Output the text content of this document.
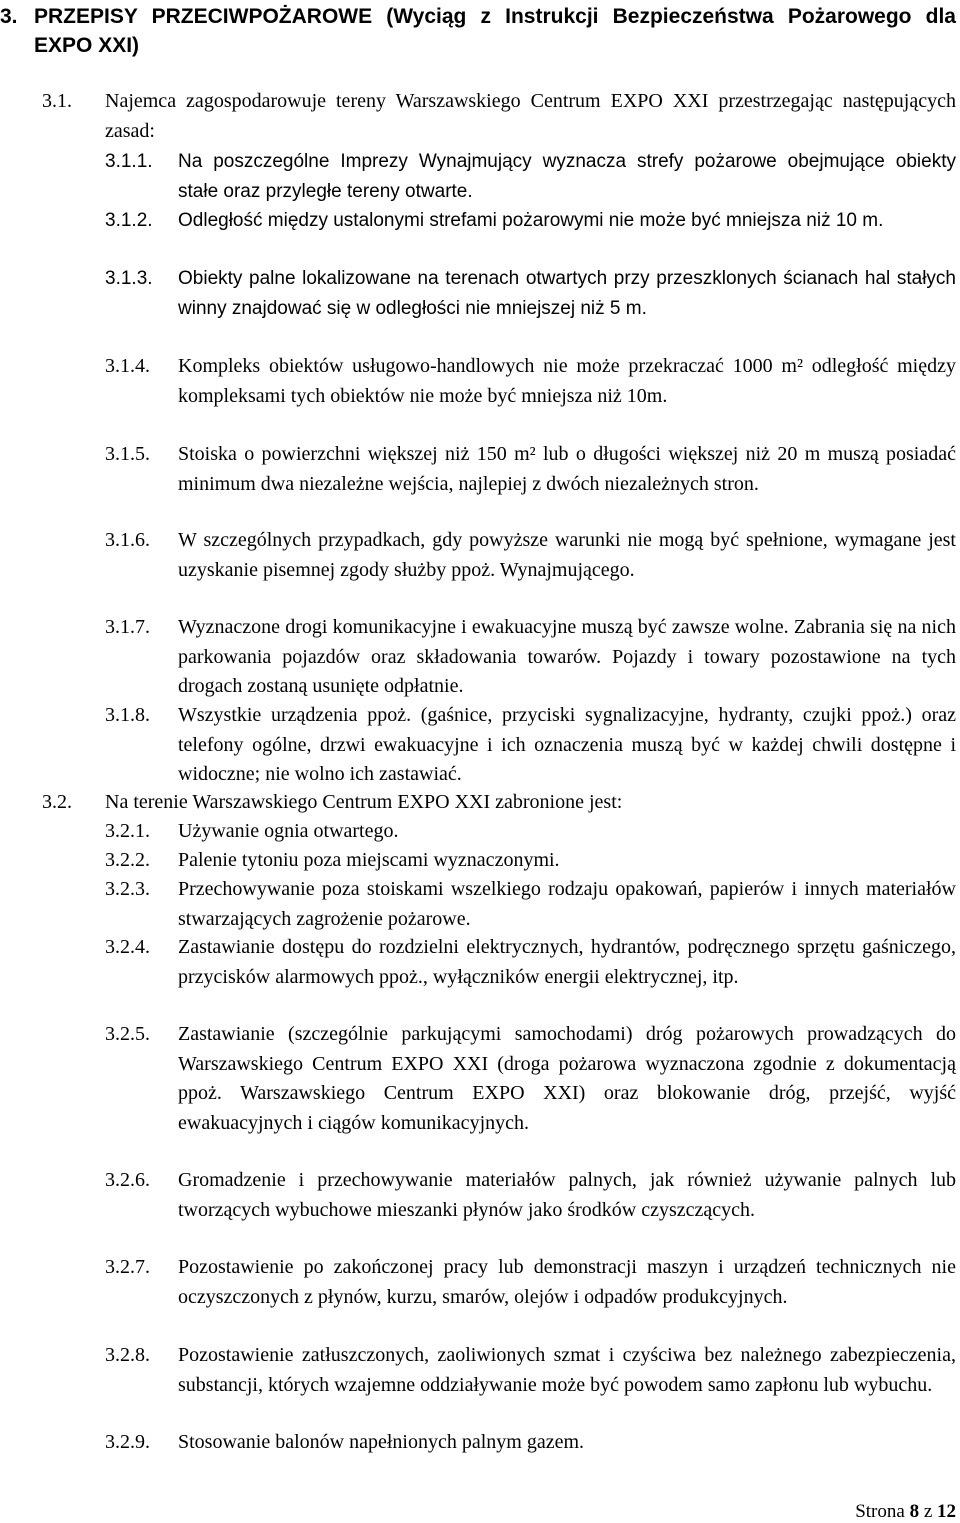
3. PRZEPISY PRZECIWPOŻAROWE (Wyciąg z Instrukcji Bezpieczeństwa Pożarowego dla EXPO XXI)
3.1. Najemca zagospodarowuje tereny Warszawskiego Centrum EXPO XXI przestrzegając następujących zasad:
3.1.1. Na poszczególne Imprezy Wynajmujący wyznacza strefy pożarowe obejmujące obiekty stałe oraz przyległe tereny otwarte.
3.1.2. Odległość między ustalonymi strefami pożarowymi nie może być mniejsza niż 10 m.
3.1.3. Obiekty palne lokalizowane na terenach otwartych przy przeszklonych ścianach hal stałych winny znajdować się w odległości nie mniejszej niż 5 m.
3.1.4. Kompleks obiektów usługowo-handlowych nie może przekraczać 1000 m² odległość między kompleksami tych obiektów nie może być mniejsza niż 10m.
3.1.5. Stoiska o powierzchni większej niż 150 m² lub o długości większej niż 20 m muszą posiadać minimum dwa niezależne wejścia, najlepiej z dwóch niezależnych stron.
3.1.6. W szczególnych przypadkach, gdy powyższe warunki nie mogą być spełnione, wymagane jest uzyskanie pisemnej zgody służby ppoż. Wynajmującego.
3.1.7. Wyznaczone drogi komunikacyjne i ewakuacyjne muszą być zawsze wolne. Zabrania się na nich parkowania pojazdów oraz składowania towarów. Pojazdy i towary pozostawione na tych drogach zostaną usunięte odpłatnie.
3.1.8. Wszystkie urządzenia ppoż. (gaśnice, przyciski sygnalizacyjne, hydranty, czujki ppoż.) oraz telefony ogólne, drzwi ewakuacyjne i ich oznaczenia muszą być w każdej chwili dostępne i widoczne; nie wolno ich zastawiać.
3.2. Na terenie Warszawskiego Centrum EXPO XXI zabronione jest:
3.2.1. Używanie ognia otwartego.
3.2.2. Palenie tytoniu poza miejscami wyznaczonymi.
3.2.3. Przechowywanie poza stoiskami wszelkiego rodzaju opakowań, papierów i innych materiałów stwarzających zagrożenie pożarowe.
3.2.4. Zastawianie dostępu do rozdzielni elektrycznych, hydrantów, podręcznego sprzętu gaśniczego, przycisków alarmowych ppoż., wyłączników energii elektrycznej, itp.
3.2.5. Zastawianie (szczególnie parkującymi samochodami) dróg pożarowych prowadzących do Warszawskiego Centrum EXPO XXI (droga pożarowa wyznaczona zgodnie z dokumentacją ppoż. Warszawskiego Centrum EXPO XXI) oraz blokowanie dróg, przejść, wyjść ewakuacyjnych i ciągów komunikacyjnych.
3.2.6. Gromadzenie i przechowywanie materiałów palnych, jak również używanie palnych lub tworzących wybuchowe mieszanki płynów jako środków czyszczących.
3.2.7. Pozostawienie po zakończonej pracy lub demonstracji maszyn i urządzeń technicznych nie oczyszczonych z płynów, kurzu, smarów, olejów i odpadów produkcyjnych.
3.2.8. Pozostawienie zatłuszczonych, zaoliwionych szmat i czyściwa bez należnego zabezpieczenia, substancji, których wzajemne oddziaływanie może być powodem samo zapłonu lub wybuchu.
3.2.9. Stosowanie balonów napełnionych palnym gazem.
Strona 8 z 12
